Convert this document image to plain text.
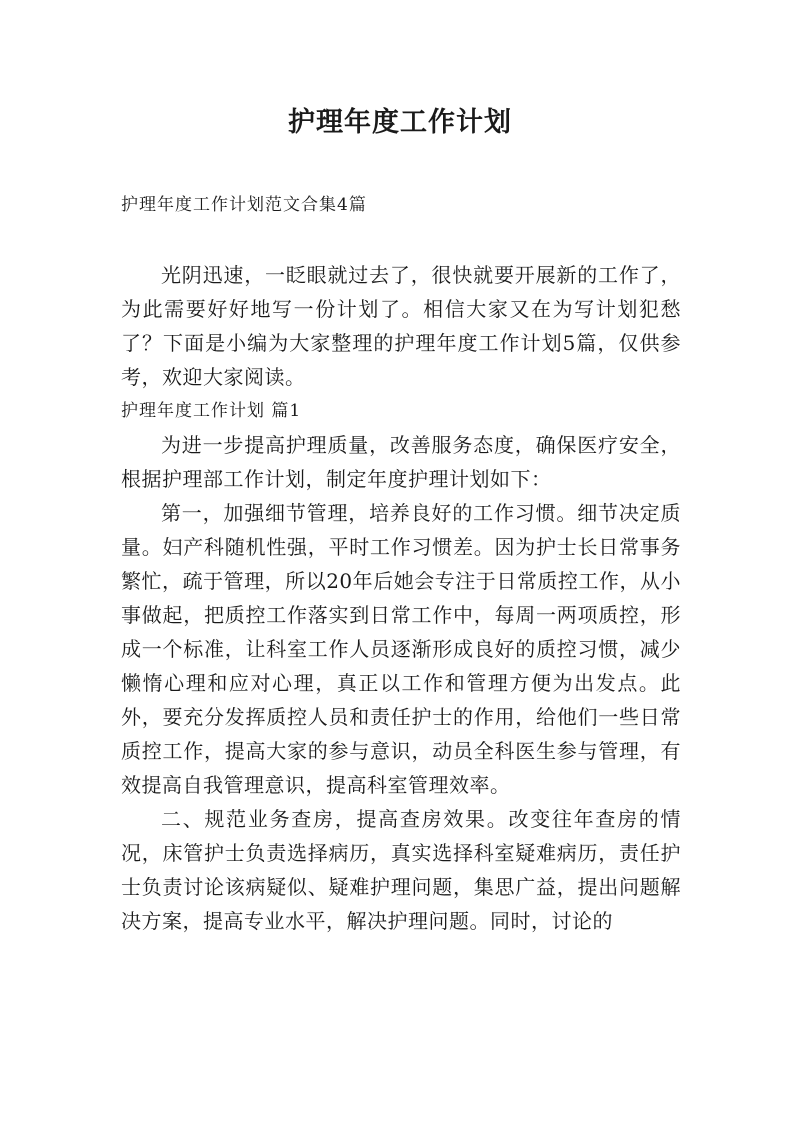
护理年度工作计划
护理年度工作计划范文合集4篇

光阴迅速，一眨眼就过去了，很快就要开展新的工作了，为此需要好好地写一份计划了。相信大家又在为写计划犯愁了？下面是小编为大家整理的护理年度工作计划5篇，仅供参考，欢迎大家阅读。

护理年度工作计划 篇1

为进一步提高护理质量，改善服务态度，确保医疗安全，根据护理部工作计划，制定年度护理计划如下：

第一，加强细节管理，培养良好的工作习惯。细节决定质量。妇产科随机性强，平时工作习惯差。因为护士长日常事务繁忙，疏于管理，所以20年后她会专注于日常质控工作，从小事做起，把质控工作落实到日常工作中，每周一两项质控，形成一个标准，让科室工作人员逐渐形成良好的质控习惯，减少懒惰心理和应对心理，真正以工作和管理方便为出发点。此外，要充分发挥质控人员和责任护士的作用，给他们一些日常质控工作，提高大家的参与意识，动员全科医生参与管理，有效提高自我管理意识，提高科室管理效率。

二、规范业务查房，提高查房效果。改变往年查房的情况，床管护士负责选择病历，真实选择科室疑难病历，责任护士负责讨论该病疑似、疑难护理问题，集思广益，提出问题解决方案，提高专业水平，解决护理问题。同时，讨论的
